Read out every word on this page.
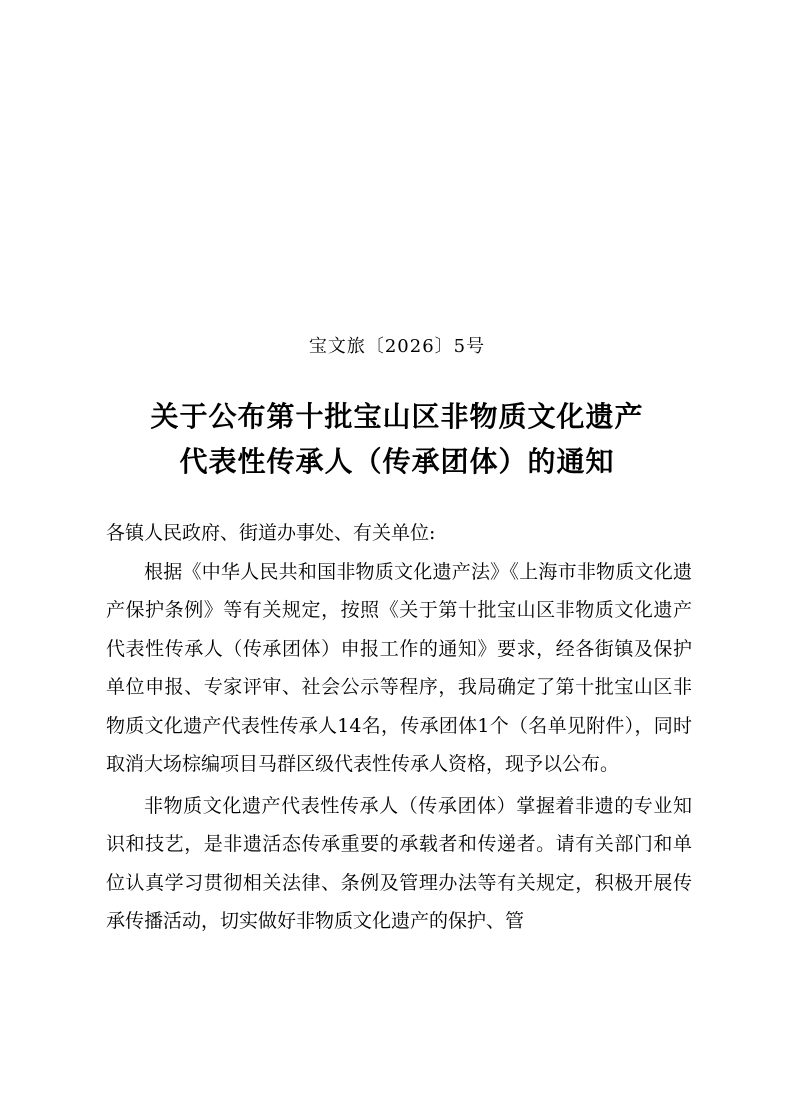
宝文旅〔2026〕5号
关于公布第十批宝山区非物质文化遗产
代表性传承人（传承团体）的通知
各镇人民政府、街道办事处、有关单位:

根据《中华人民共和国非物质文化遗产法》《上海市非物质文化遗产保护条例》等有关规定，按照《关于第十批宝山区非物质文化遗产代表性传承人（传承团体）申报工作的通知》要求，经各街镇及保护单位申报、专家评审、社会公示等程序，我局确定了第十批宝山区非物质文化遗产代表性传承人14名，传承团体1个（名单见附件），同时取消大场棕编项目马群区级代表性传承人资格，现予以公布。

非物质文化遗产代表性传承人（传承团体）掌握着非遗的专业知识和技艺，是非遗活态传承重要的承载者和传递者。请有关部门和单位认真学习贯彻相关法律、条例及管理办法等有关规定，积极开展传承传播活动，切实做好非物质文化遗产的保护、管
